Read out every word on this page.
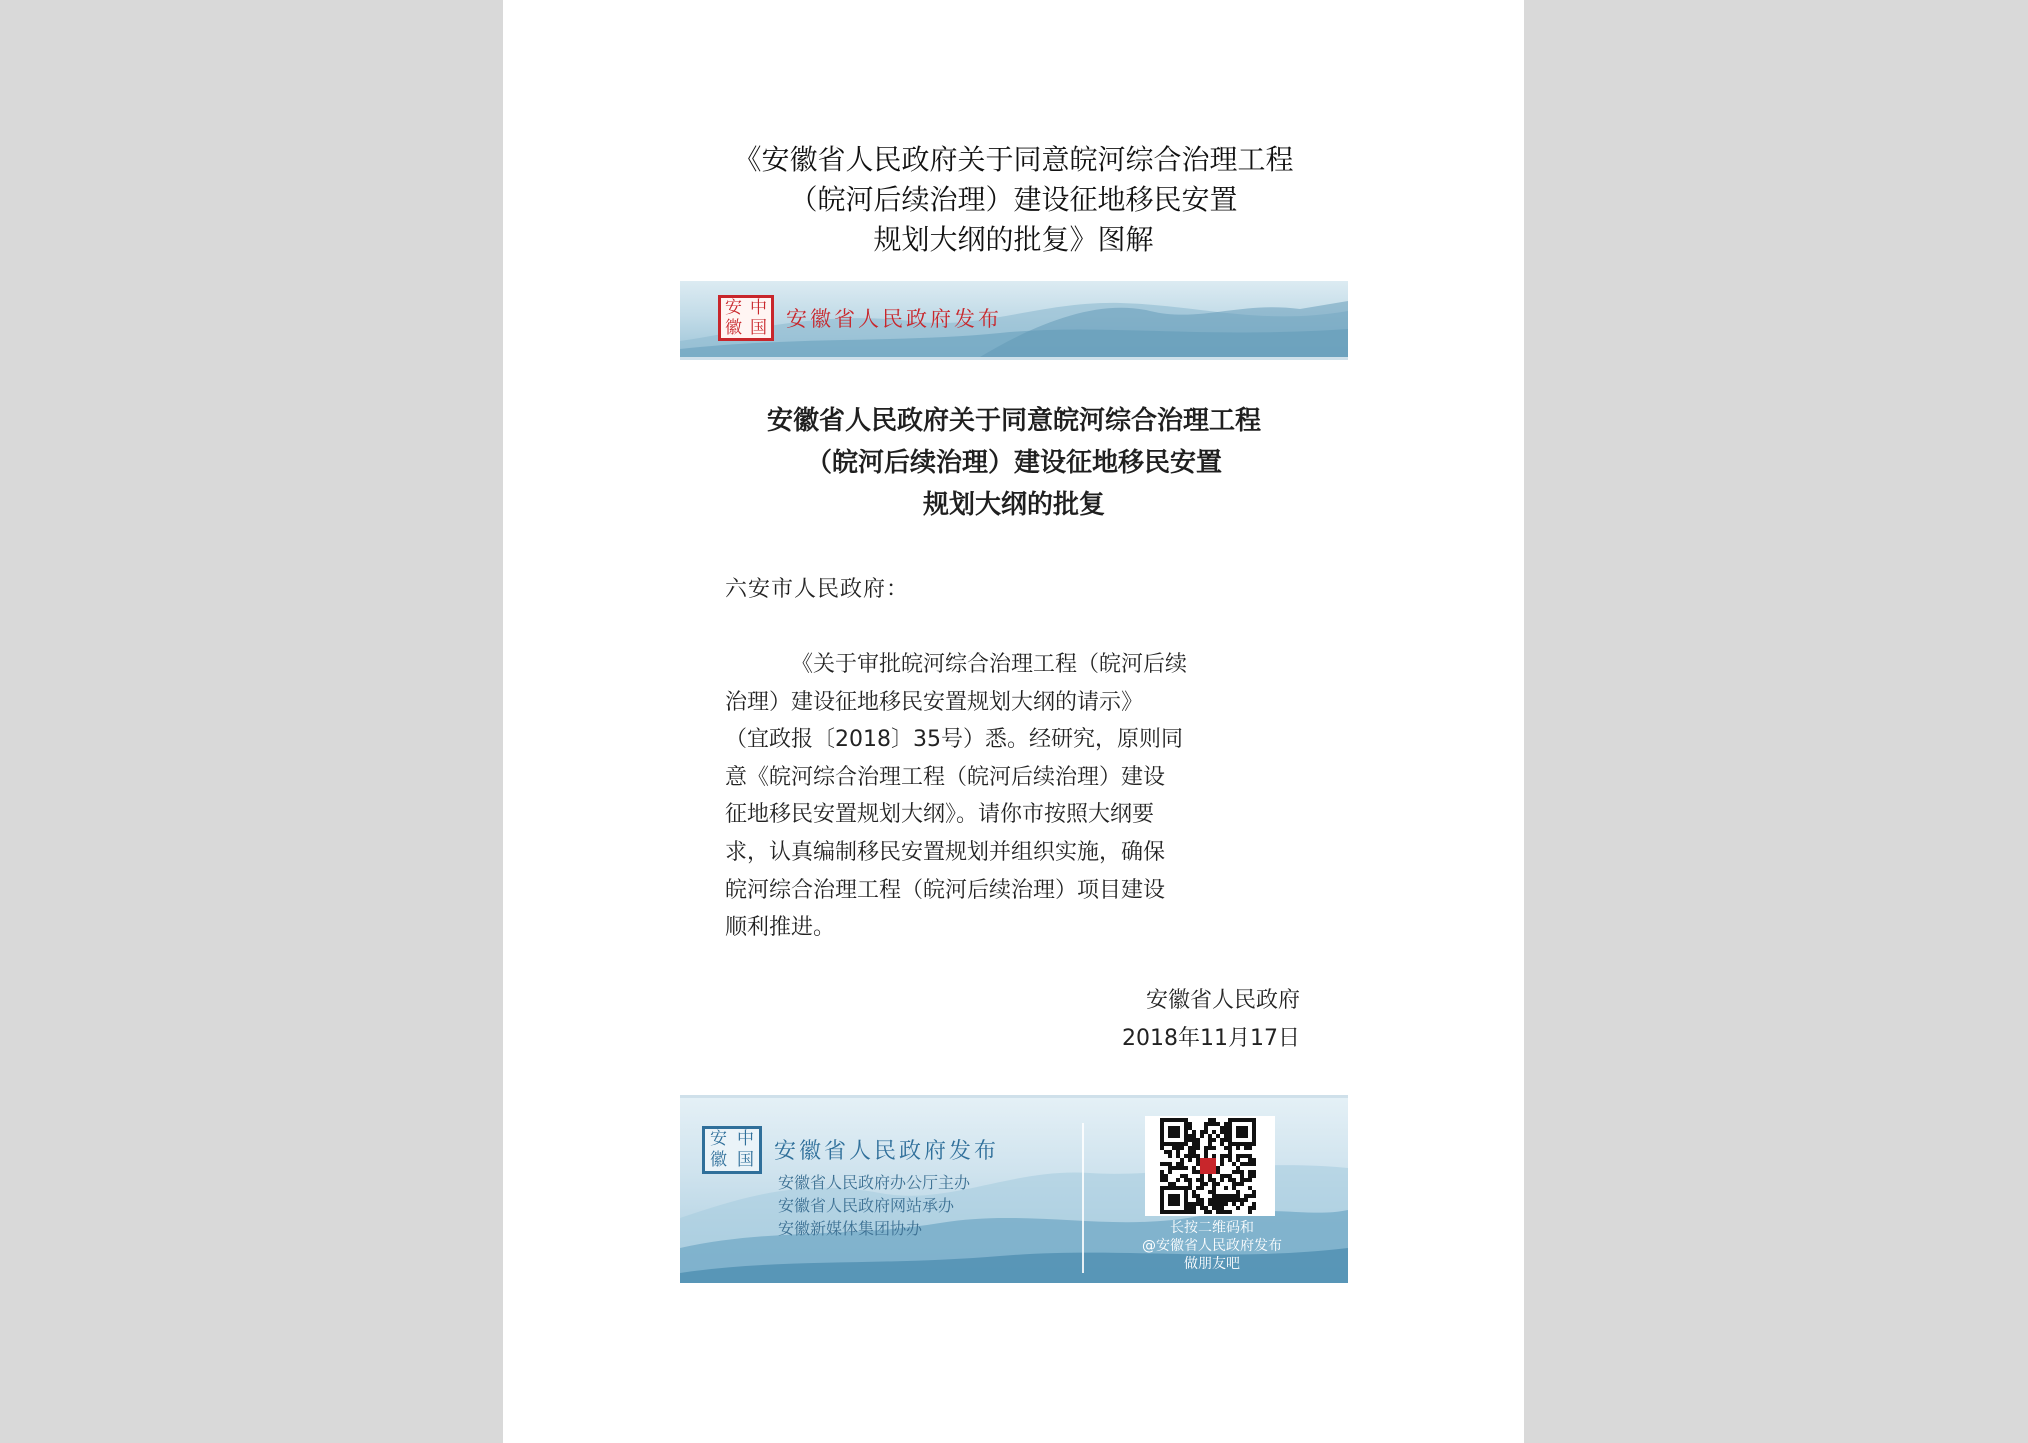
《安徽省人民政府关于同意皖河综合治理工程
（皖河后续治理）建设征地移民安置
规划大纲的批复》图解
安 中
徽 国 安徽省人民政府发布
安徽省人民政府关于同意皖河综合治理工程
（皖河后续治理）建设征地移民安置
规划大纲的批复
六安市人民政府：
《关于审批皖河综合治理工程（皖河后续
治理）建设征地移民安置规划大纲的请示》
（宜政报〔2018〕35号）悉。经研究，原则同
意《皖河综合治理工程（皖河后续治理）建设
征地移民安置规划大纲》。请你市按照大纲要
求，认真编制移民安置规划并组织实施，确保
皖河综合治理工程（皖河后续治理）项目建设
顺利推进。
安徽省人民政府
2018年11月17日
安 中
徽 国 安徽省人民政府发布
安徽省人民政府办公厅主办
安徽省人民政府网站承办
安徽新媒体集团协办	长按二维码和
@安徽省人民政府发布
做朋友吧
